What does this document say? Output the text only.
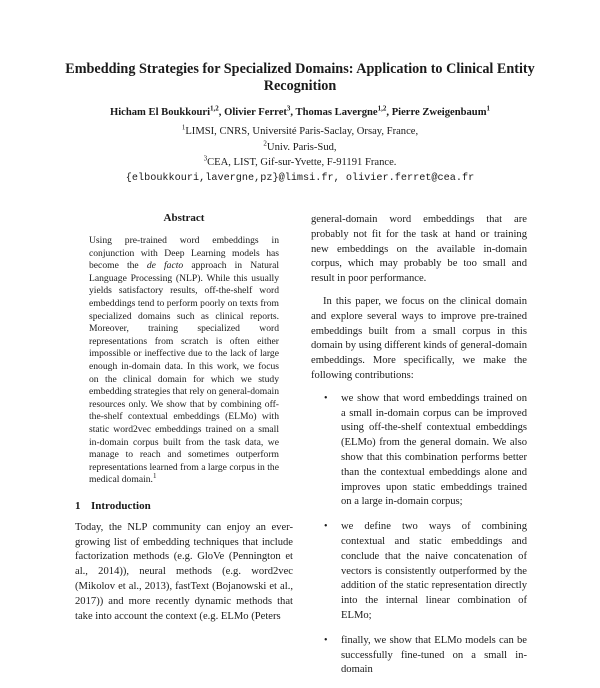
Embedding Strategies for Specialized Domains: Application to Clinical Entity Recognition
Hicham El Boukkouri$^{1,2}$, Olivier Ferret$^3$, Thomas Lavergne$^{1,2}$, Pierre Zweigenbaum$^1$
$^1$LIMSI, CNRS, Université Paris-Saclay, Orsay, France,
$^2$Univ. Paris-Sud,
$^3$CEA, LIST, Gif-sur-Yvette, F-91191 France.
{elboukkouri,lavergne,pz}@limsi.fr, olivier.ferret@cea.fr
Abstract
Using pre-trained word embeddings in conjunction with Deep Learning models has become the de facto approach in Natural Language Processing (NLP). While this usually yields satisfactory results, off-the-shelf word embeddings tend to perform poorly on texts from specialized domains such as clinical reports. Moreover, training specialized word representations from scratch is often either impossible or ineffective due to the lack of large enough in-domain data. In this work, we focus on the clinical domain for which we study embedding strategies that rely on general-domain resources only. We show that by combining off-the-shelf contextual embeddings (ELMo) with static word2vec embeddings trained on a small in-domain corpus built from the task data, we manage to reach and sometimes outperform representations learned from a large corpus in the medical domain.$^1$
1 Introduction

Today, the NLP community can enjoy an ever-growing list of embedding techniques that include factorization methods (e.g. GloVe (Pennington et al., 2014)), neural methods (e.g. word2vec (Mikolov et al., 2013), fastText (Bojanowski et al., 2017)) and more recently dynamic methods that take into account the context (e.g. ELMo (Peters

general-domain word embeddings that are probably not fit for the task at hand or training new embeddings on the available in-domain corpus, which may probably be too small and result in poor performance.

In this paper, we focus on the clinical domain and explore several ways to improve pre-trained embeddings built from a small corpus in this domain by using different kinds of general-domain embeddings. More specifically, we make the following contributions:

• we show that word embeddings trained on a small in-domain corpus can be improved using off-the-shelf contextual embeddings (ELMo) from the general domain. We also show that this combination performs better than the contextual embeddings alone and improves upon static embeddings trained on a large in-domain corpus;
• we define two ways of combining contextual and static embeddings and conclude that the naive concatenation of vectors is consistently outperformed by the addition of the static representation directly into the internal linear combination of ELMo;
• finally, we show that ELMo models can be successfully fine-tuned on a small in-domain
